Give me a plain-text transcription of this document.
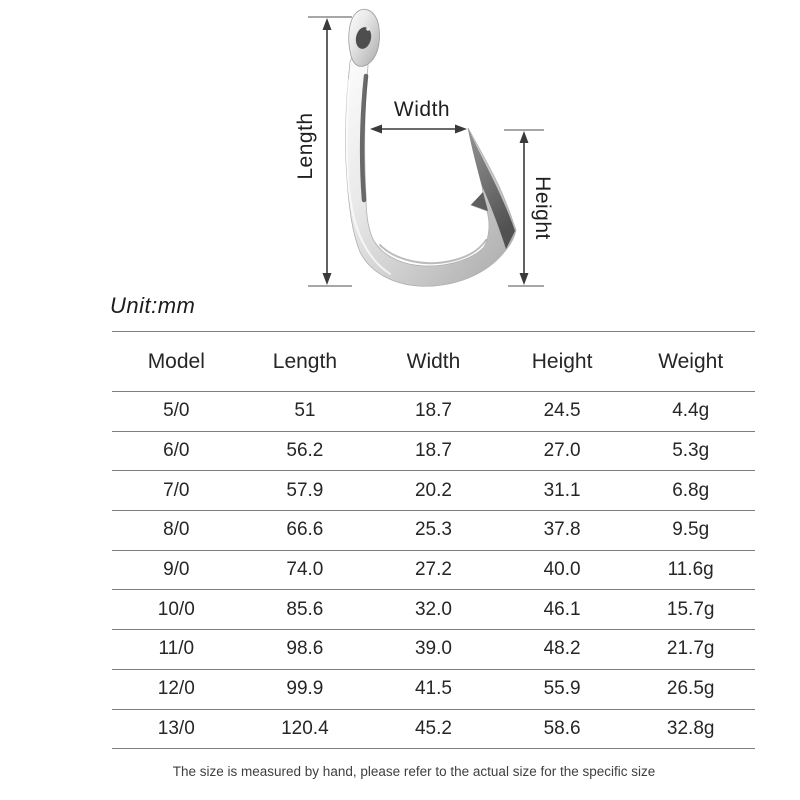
Width
Length
Height
Unit:mm
Model	Length	Width	Height	Weight
5/0	51	18.7	24.5	4.4g
6/0	56.2	18.7	27.0	5.3g
7/0	57.9	20.2	31.1	6.8g
8/0	66.6	25.3	37.8	9.5g
9/0	74.0	27.2	40.0	11.6g
10/0	85.6	32.0	46.1	15.7g
11/0	98.6	39.0	48.2	21.7g
12/0	99.9	41.5	55.9	26.5g
13/0	120.4	45.2	58.6	32.8g
The size is measured by hand, please refer to the actual size for the specific size
